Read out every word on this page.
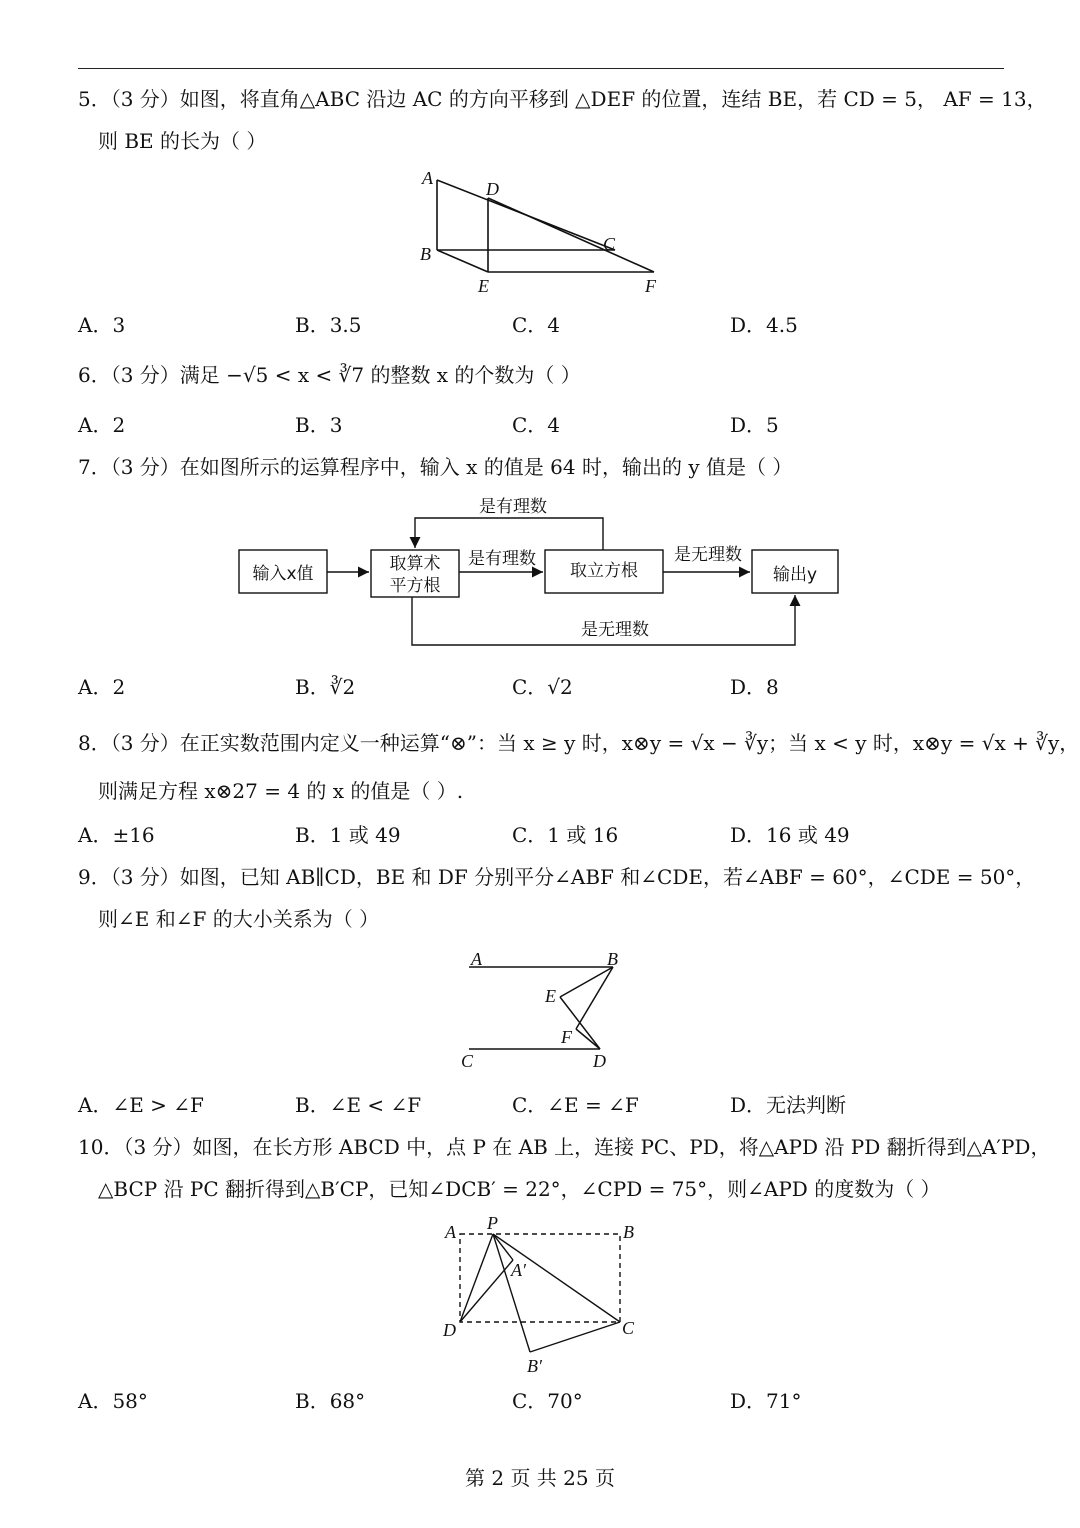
5．（3 分）如图，将直角△ABC 沿边 AC 的方向平移到 △DEF 的位置，连结 BE，若 CD = 5， AF = 13，
则 BE 的长为（ ）
A
D
B	C
E	F
A．3	B．3.5	C．4	D．4.5
6．（3 分）满足 −√5 < x < ∛7 的整数 x 的个数为（ ）
A．2	B．3	C．4	D．5
7．（3 分）在如图所示的运算程序中，输入 x 的值是 64 时，输出的 y 值是（ ）
输入x值	取算术
平方根
取立方根	输出y
是有理数
是有理数	是无理数
是无理数
A．2	B．∛2	C．√2	D．8
8．（3 分）在正实数范围内定义一种运算“⊗”：当 x ≥ y 时，x⊗y = √x − ∛y；当 x < y 时，x⊗y = √x + ∛y，
则满足方程 x⊗27 = 4 的 x 的值是（ ）.
A．±16	B．1 或 49	C．1 或 16	D．16 或 49
9．（3 分）如图，已知 AB∥CD，BE 和 DF 分别平分∠ABF 和∠CDE，若∠ABF = 60°，∠CDE = 50°，
则∠E 和∠F 的大小关系为（ ）
A	B
E
F
C	D
A．∠E > ∠F	B．∠E < ∠F	C．∠E = ∠F	D．无法判断
10．（3 分）如图，在长方形 ABCD 中，点 P 在 AB 上，连接 PC、PD，将△APD 沿 PD 翻折得到△A′PD，
△BCP 沿 PC 翻折得到△B′CP，已知∠DCB′ = 22°，∠CPD = 75°，则∠APD 的度数为（ ）
A P	B
A′
D	C
B′
A．58°	B．68°	C．70°	D．71°
第 2 页 共 25 页
